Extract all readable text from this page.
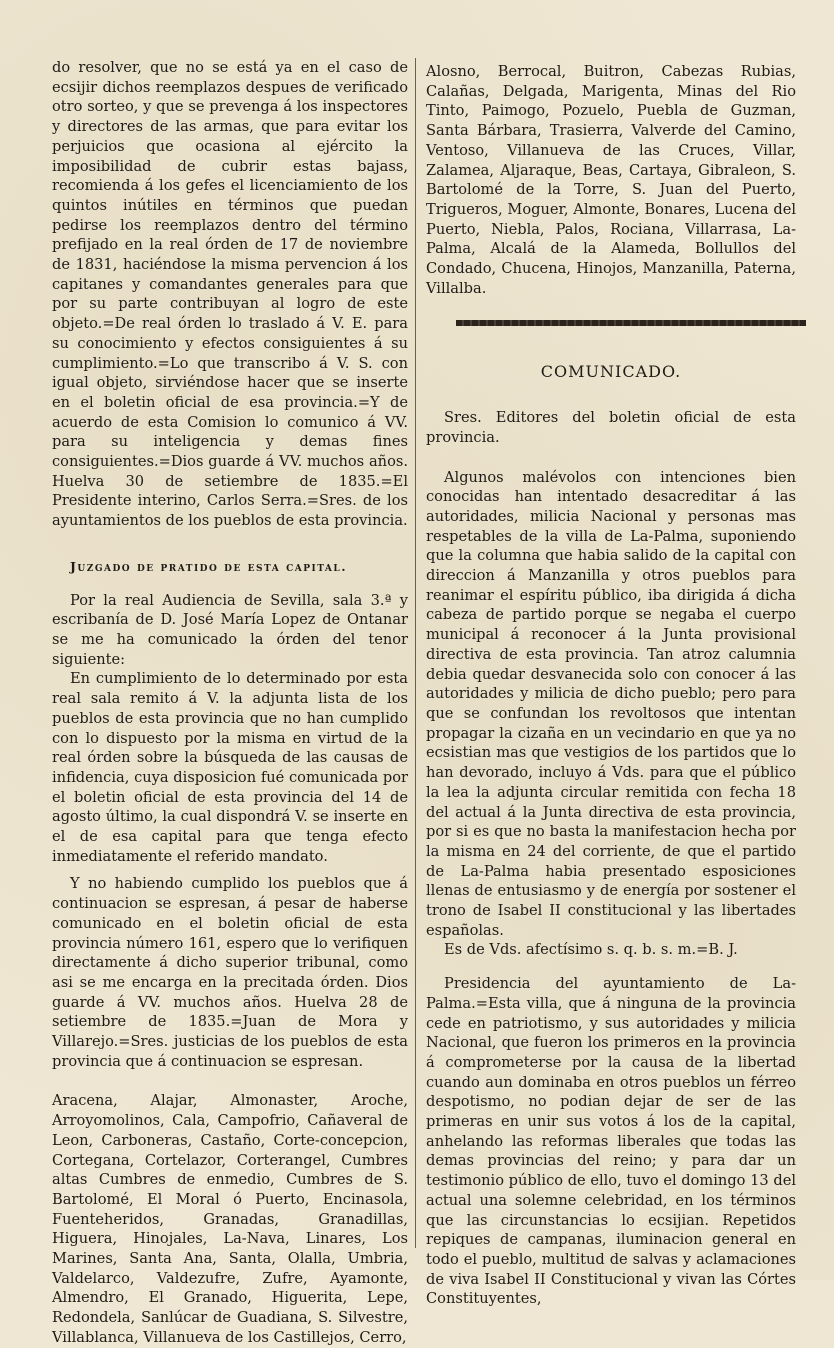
do resolver, que no se está ya en el caso de ecsijir dichos reemplazos despues de verificado otro sorteo, y que se prevenga á los inspectores y directores de las armas, que para evitar los perjuicios que ocasiona al ejército la imposibilidad de cubrir estas bajass, recomienda á los gefes el licenciamiento de los quintos inútiles en términos que puedan pedirse los reemplazos dentro del término prefijado en la real órden de 17 de noviembre de 1831, haciéndose la misma pervencion á los capitanes y comandantes generales para que por su parte contribuyan al logro de este objeto.=De real órden lo traslado á V. E. para su conocimiento y efectos consiguientes á su cumplimiento.=Lo que transcribo á V. S. con igual objeto, sirviéndose hacer que se inserte en el boletin oficial de esa provincia.=Y de acuerdo de esta Comision lo comunico á VV. para su inteligencia y demas fines consiguientes.=Dios guarde á VV. muchos años. Huelva 30 de setiembre de 1835.=El Presidente interino, Carlos Serra.=Sres. de los ayuntamientos de los pueblos de esta provincia.

Juzgado de pratido de esta capital.

Por la real Audiencia de Sevilla, sala 3.ª y escribanía de D. José María Lopez de Ontanar se me ha comunicado la órden del tenor siguiente:

En cumplimiento de lo determinado por esta real sala remito á V. la adjunta lista de los pueblos de esta provincia que no han cumplido con lo dispuesto por la misma en virtud de la real órden sobre la búsqueda de las causas de infidencia, cuya disposicion fué comunicada por el boletin oficial de esta provincia del 14 de agosto último, la cual dispondrá V. se inserte en el de esa capital para que tenga efecto inmediatamente el referido mandato.

Y no habiendo cumplido los pueblos que á continuacion se espresan, á pesar de haberse comunicado en el boletin oficial de esta provincia número 161, espero que lo verifiquen directamente á dicho superior tribunal, como asi se me encarga en la precitada órden. Dios guarde á VV. muchos años. Huelva 28 de setiembre de 1835.=Juan de Mora y Villarejo.=Sres. justicias de los pueblos de esta provincia que á continuacion se espresan.

Aracena, Alajar, Almonaster, Aroche, Arroyomolinos, Cala, Campofrio, Cañaveral de Leon, Carboneras, Castaño, Corte-concepcion, Cortegana, Cortelazor, Corterangel, Cumbres altas Cumbres de enmedio, Cumbres de S. Bartolomé, El Moral ó Puerto, Encinasola, Fuenteheridos, Granadas, Granadillas, Higuera, Hinojales, La-Nava, Linares, Los Marines, Santa Ana, Santa, Olalla, Umbria, Valdelarco, Valdezufre, Zufre, Ayamonte, Almendro, El Granado, Higuerita, Lepe, Redondela, Sanlúcar de Guadiana, S. Silvestre, Villablanca, Villanueva de los Castillejos, Cerro,

Alosno, Berrocal, Buitron, Cabezas Rubias, Calañas, Delgada, Marigenta, Minas del Rio Tinto, Paimogo, Pozuelo, Puebla de Guzman, Santa Bárbara, Trasierra, Valverde del Camino, Ventoso, Villanueva de las Cruces, Villar, Zalamea, Aljaraque, Beas, Cartaya, Gibraleon, S. Bartolomé de la Torre, S. Juan del Puerto, Trigueros, Moguer, Almonte, Bonares, Lucena del Puerto, Niebla, Palos, Rociana, Villarrasa, La-Palma, Alcalá de la Alameda, Bollullos del Condado, Chucena, Hinojos, Manzanilla, Paterna, Villalba.

COMUNICADO.

Sres. Editores del boletin oficial de esta provincia.

Algunos malévolos con intenciones bien conocidas han intentado desacreditar á las autoridades, milicia Nacional y personas mas respetables de la villa de La-Palma, suponiendo que la columna que habia salido de la capital con direccion á Manzanilla y otros pueblos para reanimar el espíritu público, iba dirigida á dicha cabeza de partido porque se negaba el cuerpo municipal á reconocer á la Junta provisional directiva de esta provincia. Tan atroz calumnia debia quedar desvanecida solo con conocer á las autoridades y milicia de dicho pueblo; pero para que se confundan los revoltosos que intentan propagar la cizaña en un vecindario en que ya no ecsistian mas que vestigios de los partidos que lo han devorado, incluyo á Vds. para que el público la lea la adjunta circular remitida con fecha 18 del actual á la Junta directiva de esta provincia, por si es que no basta la manifestacion hecha por la misma en 24 del corriente, de que el partido de La-Palma habia presentado esposiciones llenas de entusiasmo y de energía por sostener el trono de Isabel II constitucional y las libertades españolas.

Es de Vds. afectísimo s. q. b. s. m.=B. J.

Presidencia del ayuntamiento de La-Palma.=Esta villa, que á ninguna de la provincia cede en patriotismo, y sus autoridades y milicia Nacional, que fueron los primeros en la provincia á comprometerse por la causa de la libertad cuando aun dominaba en otros pueblos un férreo despotismo, no podian dejar de ser de las primeras en unir sus votos á los de la capital, anhelando las reformas liberales que todas las demas provincias del reino; y para dar un testimonio público de ello, tuvo el domingo 13 del actual una solemne celebridad, en los términos que las circunstancias lo ecsijian. Repetidos repiques de campanas, iluminacion general en todo el pueblo, multitud de salvas y aclamaciones de viva Isabel II Constitucional y vivan las Córtes Constituyentes,
